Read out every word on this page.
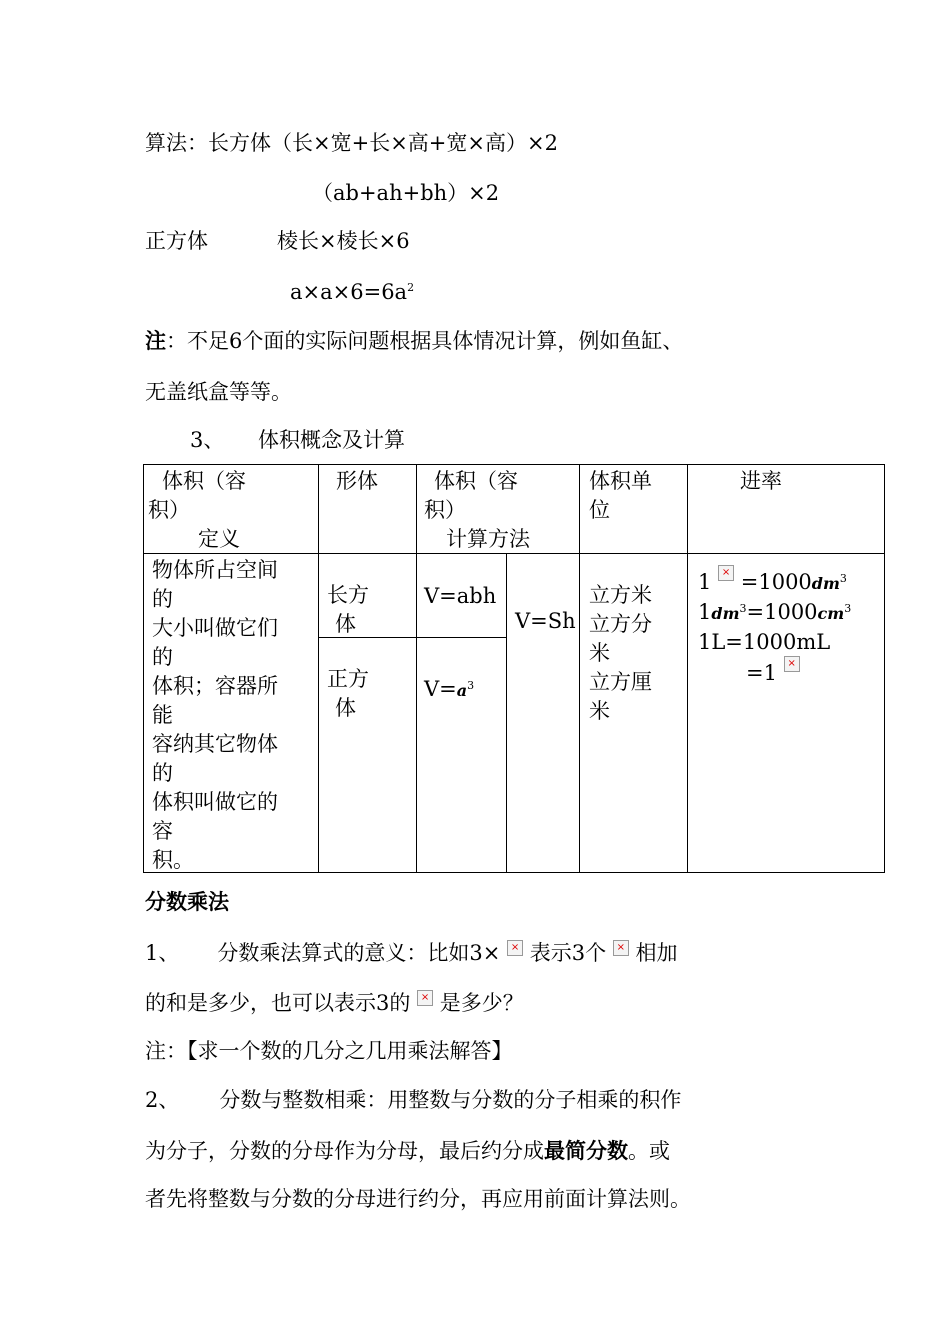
算法：长方体（长×宽+长×高+宽×高）×2
（ab+ah+bh）×2
正方体	棱长×棱长×6
$a\times a\times 6=6a^2$
注：不足6个面的实际问题根据具体情况计算，例如鱼缸、
无盖纸盒等等。
3、 体积概念及计算
体积（容
积）
定义
形体	体积（容
积）
计算方法
体积单
位
进率
物体所占空间
的
大小叫做它们
的
体积；容器所
能
容纳其它物体
的
体积叫做它的
容
积。
长方
体
正方
体
V=abh
$V=a^3$
V=Sh
立方米
立方分
米
立方厘
米
$1 \times =1000dm^3$
$1dm^3=1000cm^3$
1L=1000mL
=1 ×
分数乘法
1、 分数乘法算式的意义：比如3× × 表示3个 × 相加
的和是多少，也可以表示3的 × 是多少？
注：【求一个数的几分之几用乘法解答】
2、 分数与整数相乘：用整数与分数的分子相乘的积作
为分子，分数的分母作为分母，最后约分成最简分数。或
者先将整数与分数的分母进行约分，再应用前面计算法则。
